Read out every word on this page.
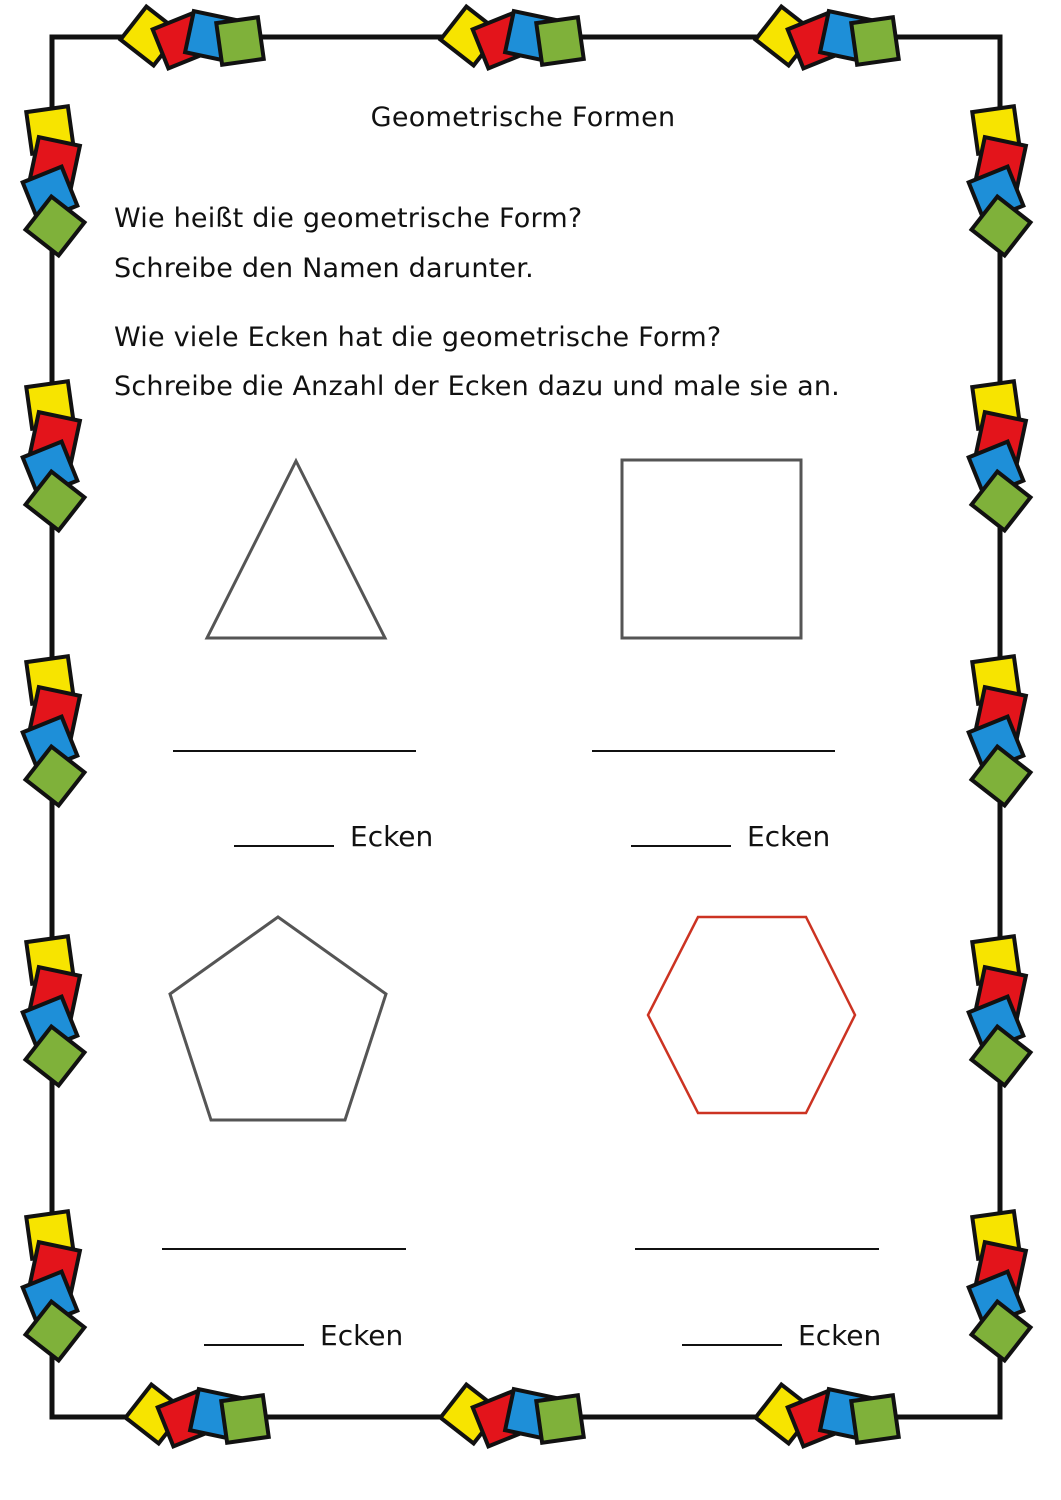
Geometrische Formen
Wie heißt die geometrische Form?
Schreibe den Namen darunter.
Wie viele Ecken hat die geometrische Form?
Schreibe die Anzahl der Ecken dazu und male sie an.
Ecken	Ecken
Ecken	Ecken
